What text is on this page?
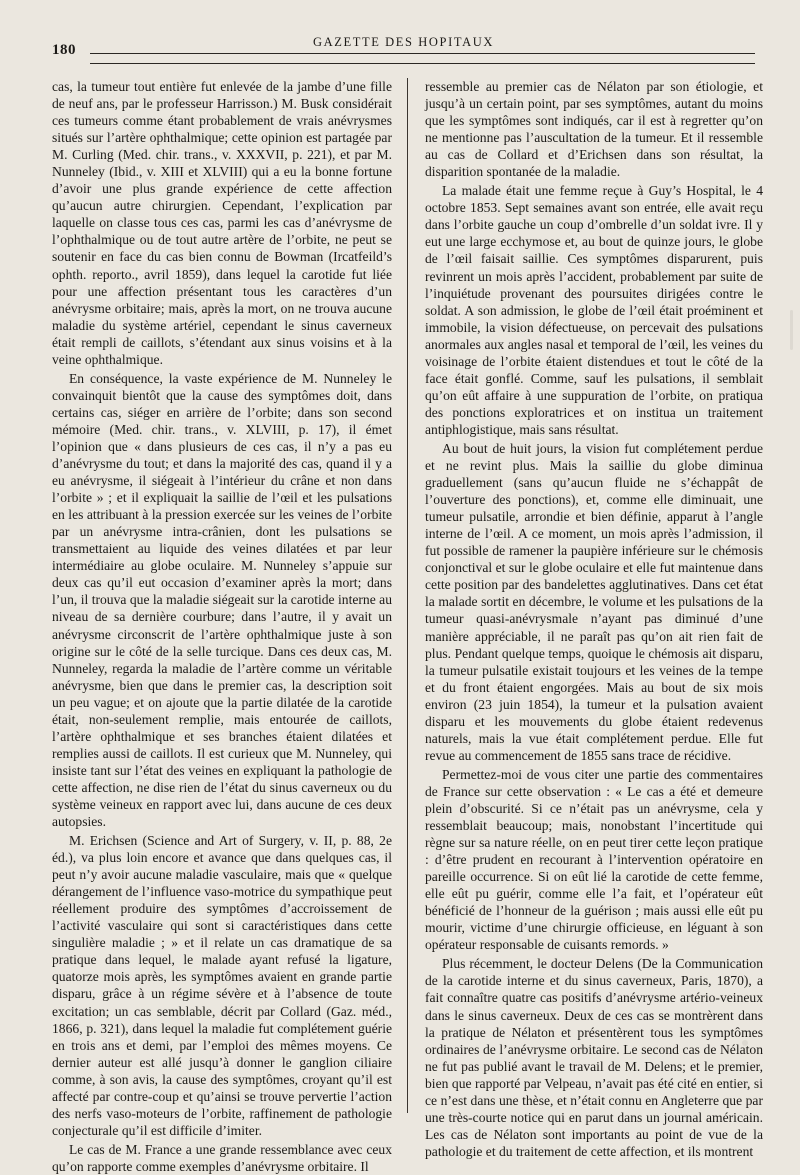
180	GAZETTE DES HOPITAUX

cas, la tumeur tout entière fut enlevée de la jambe d’une fille de neuf ans, par le professeur Harrisson.) M. Busk considérait ces tumeurs comme étant probablement de vrais anévrysmes situés sur l’artère ophthalmique; cette opinion est partagée par M. Curling (Med. chir. trans., v. XXXVII, p. 221), et par M. Nunneley (Ibid., v. XIII et XLVIII) qui a eu la bonne fortune d’avoir une plus grande expérience de cette affection qu’aucun autre chirurgien. Cependant, l’explication par laquelle on classe tous ces cas, parmi les cas d’anévrysme de l’ophthalmique ou de tout autre artère de l’orbite, ne peut se soutenir en face du cas bien connu de Bowman (Ircatfeild’s ophth. reporto., avril 1859), dans lequel la carotide fut liée pour une affection présentant tous les caractères d’un anévrysme orbitaire; mais, après la mort, on ne trouva aucune maladie du système artériel, cependant le sinus caverneux était rempli de caillots, s’étendant aux sinus voisins et à la veine ophthalmique.

En conséquence, la vaste expérience de M. Nunneley le convainquit bientôt que la cause des symptômes doit, dans certains cas, siéger en arrière de l’orbite; dans son second mémoire (Med. chir. trans., v. XLVIII, p. 17), il émet l’opinion que « dans plusieurs de ces cas, il n’y a pas eu d’anévrysme du tout; et dans la majorité des cas, quand il y a eu anévrysme, il siégeait à l’intérieur du crâne et non dans l’orbite » ; et il expliquait la saillie de l’œil et les pulsations en les attribuant à la pression exercée sur les veines de l’orbite par un anévrysme intra-crânien, dont les pulsations se transmettaient au liquide des veines dilatées et par leur intermédiaire au globe oculaire. M. Nunneley s’appuie sur deux cas qu’il eut occasion d’examiner après la mort; dans l’un, il trouva que la maladie siégeait sur la carotide interne au niveau de sa dernière courbure; dans l’autre, il y avait un anévrysme circonscrit de l’artère ophthalmique juste à son origine sur le côté de la selle turcique. Dans ces deux cas, M. Nunneley, regarda la maladie de l’artère comme un véritable anévrysme, bien que dans le premier cas, la description soit un peu vague; et on ajoute que la partie dilatée de la carotide était, non-seulement remplie, mais entourée de caillots, l’artère ophthalmique et ses branches étaient dilatées et remplies aussi de caillots. Il est curieux que M. Nunneley, qui insiste tant sur l’état des veines en expliquant la pathologie de cette affection, ne dise rien de l’état du sinus caverneux ou du système veineux en rapport avec lui, dans aucune de ces deux autopsies.

M. Erichsen (Science and Art of Surgery, v. II, p. 88, 2e éd.), va plus loin encore et avance que dans quelques cas, il peut n’y avoir aucune maladie vasculaire, mais que « quelque dérangement de l’influence vaso-motrice du sympathique peut réellement produire des symptômes d’accroissement de l’activité vasculaire qui sont si caractéristiques dans cette singulière maladie ; » et il relate un cas dramatique de sa pratique dans lequel, le malade ayant refusé la ligature, quatorze mois après, les symptômes avaient en grande partie disparu, grâce à un régime sévère et à l’absence de toute excitation; un cas semblable, décrit par Collard (Gaz. méd., 1866, p. 321), dans lequel la maladie fut complétement guérie en trois ans et demi, par l’emploi des mêmes moyens. Ce dernier auteur est allé jusqu’à donner le ganglion ciliaire comme, à son avis, la cause des symptômes, croyant qu’il est affecté par contre-coup et qu’ainsi se trouve pervertie l’action des nerfs vaso-moteurs de l’orbite, raffinement de pathologie conjecturale qu’il est difficile d’imiter.

Le cas de M. France a une grande ressemblance avec ceux qu’on rapporte comme exemples d’anévrysme orbitaire. Il

ressemble au premier cas de Nélaton par son étiologie, et jusqu’à un certain point, par ses symptômes, autant du moins que les symptômes sont indiqués, car il est à regretter qu’on ne mentionne pas l’auscultation de la tumeur. Et il ressemble au cas de Collard et d’Erichsen dans son résultat, la disparition spontanée de la maladie.

La malade était une femme reçue à Guy’s Hospital, le 4 octobre 1853. Sept semaines avant son entrée, elle avait reçu dans l’orbite gauche un coup d’ombrelle d’un soldat ivre. Il y eut une large ecchymose et, au bout de quinze jours, le globe de l’œil faisait saillie. Ces symptômes disparurent, puis revinrent un mois après l’accident, probablement par suite de l’inquiétude provenant des poursuites dirigées contre le soldat. A son admission, le globe de l’œil était proéminent et immobile, la vision défectueuse, on percevait des pulsations anormales aux angles nasal et temporal de l’œil, les veines du voisinage de l’orbite étaient distendues et tout le côté de la face était gonflé. Comme, sauf les pulsations, il semblait qu’on eût affaire à une suppuration de l’orbite, on pratiqua des ponctions exploratrices et on institua un traitement antiphlogistique, mais sans résultat.

Au bout de huit jours, la vision fut complétement perdue et ne revint plus. Mais la saillie du globe diminua graduellement (sans qu’aucun fluide ne s’échappât de l’ouverture des ponctions), et, comme elle diminuait, une tumeur pulsatile, arrondie et bien définie, apparut à l’angle interne de l’œil. A ce moment, un mois après l’admission, il fut possible de ramener la paupière inférieure sur le chémosis conjonctival et sur le globe oculaire et elle fut maintenue dans cette position par des bandelettes agglutinatives. Dans cet état la malade sortit en décembre, le volume et les pulsations de la tumeur quasi-anévrysmale n’ayant pas diminué d’une manière appréciable, il ne paraît pas qu’on ait rien fait de plus. Pendant quelque temps, quoique le chémosis ait disparu, la tumeur pulsatile existait toujours et les veines de la tempe et du front étaient engorgées. Mais au bout de six mois environ (23 juin 1854), la tumeur et la pulsation avaient disparu et les mouvements du globe étaient redevenus naturels, mais la vue était complétement perdue. Elle fut revue au commencement de 1855 sans trace de récidive.

Permettez-moi de vous citer une partie des commentaires de France sur cette observation : « Le cas a été et demeure plein d’obscurité. Si ce n’était pas un anévrysme, cela y ressemblait beaucoup; mais, nonobstant l’incertitude qui règne sur sa nature réelle, on en peut tirer cette leçon pratique : d’être prudent en recourant à l’intervention opératoire en pareille occurrence. Si on eût lié la carotide de cette femme, elle eût pu guérir, comme elle l’a fait, et l’opérateur eût bénéficié de l’honneur de la guérison ; mais aussi elle eût pu mourir, victime d’une chirurgie officieuse, en léguant à son opérateur responsable de cuisants remords. »

Plus récemment, le docteur Delens (De la Communication de la carotide interne et du sinus caverneux, Paris, 1870), a fait connaître quatre cas positifs d’anévrysme artério-veineux dans le sinus caverneux. Deux de ces cas se montrèrent dans la pratique de Nélaton et présentèrent tous les symptômes ordinaires de l’anévrysme orbitaire. Le second cas de Nélaton ne fut pas publié avant le travail de M. Delens; et le premier, bien que rapporté par Velpeau, n’avait pas été cité en entier, si ce n’est dans une thèse, et n’était connu en Angleterre que par une très-courte notice qui en parut dans un journal américain. Les cas de Nélaton sont importants au point de vue de la pathologie et du traitement de cette affection, et ils montrent
